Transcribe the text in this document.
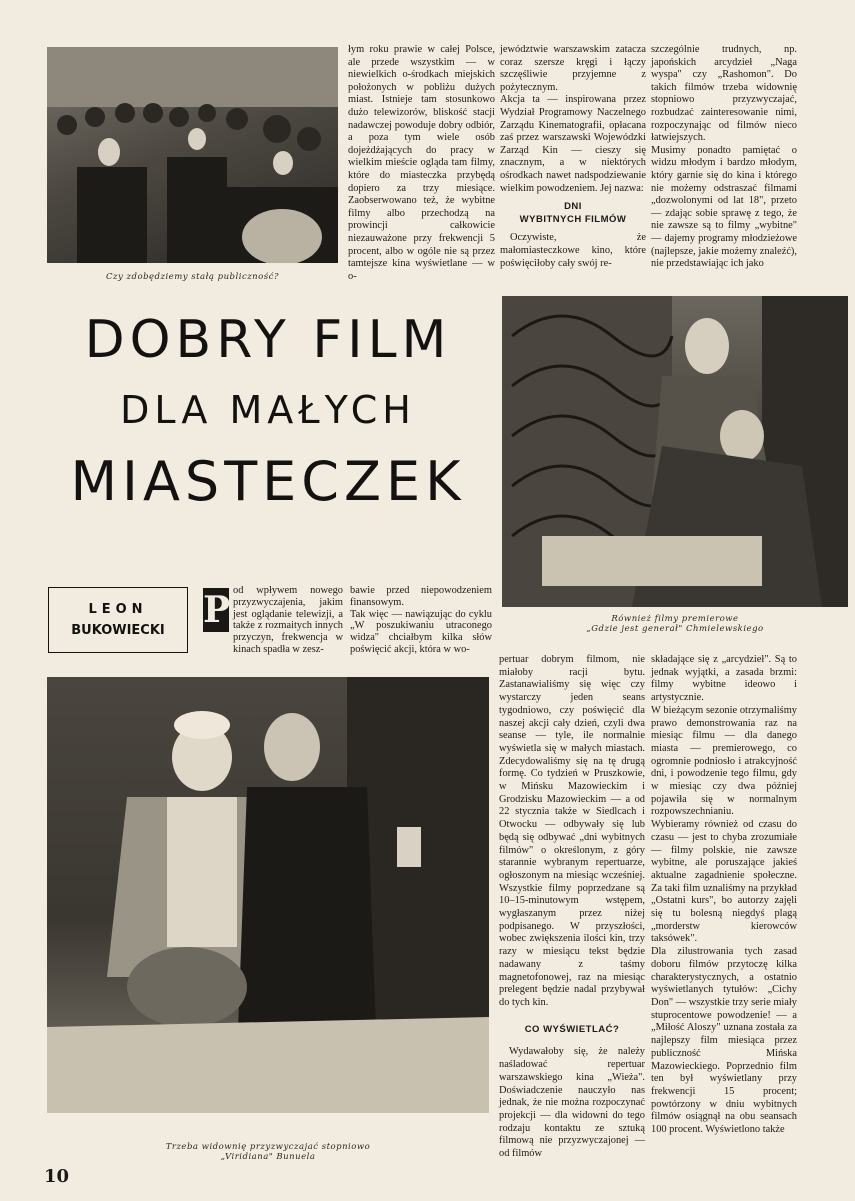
Czy zdobędziemy stałą publiczność?

łym roku prawie w całej Polsce, ale przede wszystkim — w niewielkich o-środkach miejskich położonych w pobliżu dużych miast. Istnieje tam stosunkowo dużo telewizorów, bliskość stacji nadawczej powoduje dobry odbiór, a poza tym wiele osób dojeżdżających do pracy w wielkim mieście ogląda tam filmy, które do miasteczka przybędą dopiero za trzy miesiące. Zaobserwowano też, że wybitne filmy albo przechodzą na prowincji całkowicie niezauważone przy frekwencji 5 procent, albo w ogóle nie są przez tamtejsze kina wyświetlane — w o-

jewództwie warszawskim zatacza coraz szersze kręgi i łączy szczęśliwie przyjemne z pożytecznym.
Akcja ta — inspirowana przez Wydział Programowy Naczelnego Zarządu Kinematografii, opłacana zaś przez warszawski Wojewódzki Zarząd Kin — cieszy się znacznym, a w niektórych ośrodkach nawet nadspodziewanie wielkim powodzeniem. Jej nazwa:

DNI
WYBITNYCH FILMÓW

Oczywiste, że małomiasteczkowe kino, które poświęciłoby cały swój re-

szczególnie trudnych, np. japońskich arcydzieł „Naga wyspa" czy „Rashomon". Do takich filmów trzeba widownię stopniowo przyzwyczajać, rozbudzać zainteresowanie nimi, rozpoczynając od filmów nieco łatwiejszych.
Musimy ponadto pamiętać o widzu młodym i bardzo młodym, który garnie się do kina i którego nie możemy odstraszać filmami „dozwolonymi od lat 18", przeto — zdając sobie sprawę z tego, że nie zawsze są to filmy „wybitne" — dajemy programy młodzieżowe (najlepsze, jakie możemy znaleźć), nie przedstawiając ich jako

DOBRY FILM
DLA MAŁYCH
MIASTECZEK
Również filmy premierowe
„Gdzie jest generał" Chmielewskiego
LEON
BUKOWIECKI	P od wpływem nowego przyzwyczajenia, jakim jest oglądanie telewizji, a także z rozmaitych innych przyczyn, frekwencja w kinach spadła w zesz-

bawie przed niepowodzeniem finansowym.
Tak więc — nawiązując do cyklu „W poszukiwaniu utraconego widza" chciałbym kilka słów poświęcić akcji, która w wo-

Trzeba widownię przyzwyczajać stopniowo
„Viridiana" Bunuela

pertuar dobrym filmom, nie miałoby racji bytu. Zastanawialiśmy się więc czy wystarczy jeden seans tygodniowo, czy poświęcić dla naszej akcji cały dzień, czyli dwa seanse — tyle, ile normalnie wyświetla się w małych miastach. Zdecydowaliśmy się na tę drugą formę. Co tydzień w Pruszkowie, w Mińsku Mazowieckim i Grodzisku Mazowieckim — a od 22 stycznia także w Siedlcach i Otwocku — odbywały się lub będą się odbywać „dni wybitnych filmów" o określonym, z góry starannie wybranym repertuarze, ogłoszonym na miesiąc wcześniej. Wszystkie filmy poprzedzane są 10–15-minutowym wstępem, wygłaszanym przez niżej podpisanego. W przyszłości, wobec zwiększenia ilości kin, trzy razy w miesiącu tekst będzie nadawany z taśmy magnetofonowej, raz na miesiąc prelegent będzie nadal przybywał do tych kin.

CO WYŚWIETLAĆ?

Wydawałoby się, że należy naśladować repertuar warszawskiego kina „Wieża". Doświadczenie nauczyło nas jednak, że nie można rozpoczynać projekcji — dla widowni do tego rodzaju kontaktu ze sztuką filmową nie przyzwyczajonej — od filmów

składające się z „arcydzieł". Są to jednak wyjątki, a zasada brzmi: filmy wybitne ideowo i artystycznie.
W bieżącym sezonie otrzymaliśmy prawo demonstrowania raz na miesiąc filmu — dla danego miasta — premierowego, co ogromnie podniosło i atrakcyjność dni, i powodzenie tego filmu, gdy w miesiąc czy dwa później pojawiła się w normalnym rozpowszechnianiu.
Wybieramy również od czasu do czasu — jest to chyba zrozumiałe — filmy polskie, nie zawsze wybitne, ale poruszające jakieś aktualne zagadnienie społeczne. Za taki film uznaliśmy na przykład „Ostatni kurs", bo autorzy zajęli się tu bolesną niegdyś plagą „morderstw kierowców taksówek".
Dla zilustrowania tych zasad doboru filmów przytoczę kilka charakterystycznych, a ostatnio wyświetlanych tytułów: „Cichy Don" — wszystkie trzy serie miały stuprocentowe powodzenie! — a „Miłość Aloszy" uznana została za najlepszy film miesiąca przez publiczność Mińska Mazowieckiego. Poprzednio film ten był wyświetlany przy frekwencji 15 procent; powtórzony w dniu wybitnych filmów osiągnął na obu seansach 100 procent. Wyświetlono także

10
